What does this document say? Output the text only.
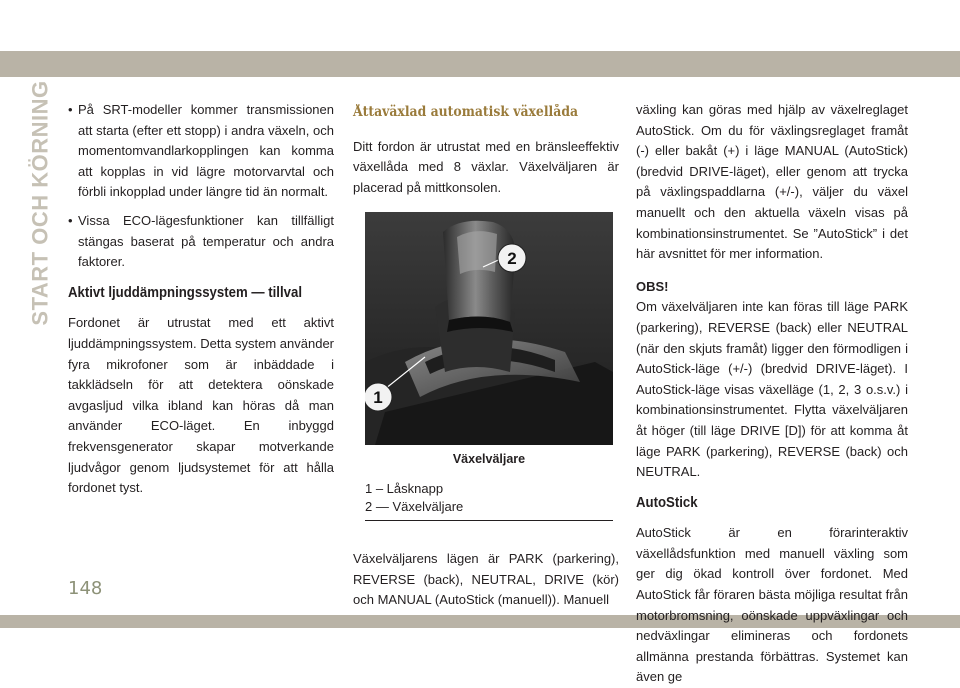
START OCH KÖRNING
•	På SRT-modeller kommer transmissionen att starta (efter ett stopp) i andra växeln, och momentomvandlarkopplingen kan komma att kopplas in vid lägre motorvarvtal och förbli inkopplad under längre tid än normalt.
• Vissa ECO-lägesfunktioner kan tillfälligt stängas baserat på temperatur och andra faktorer.
Aktivt ljuddämpningssystem — tillval

Fordonet är utrustat med ett aktivt ljuddämpningssystem. Detta system använder fyra mikrofoner som är inbäddade i takklädseln för att detektera oönskade avgasljud vilka ibland kan höras då man använder ECO-läget. En inbyggd frekvensgenerator skapar motverkande ljudvågor genom ljudsystemet för att hålla fordonet tyst.

Åttaväxlad automatisk växellåda

Ditt fordon är utrustat med en bränsleeffektiv växellåda med 8 växlar. Växelväljaren är placerad på mittkonsolen.

2
1
Växelväljare
1 – Låsknapp
2 — Växelväljare

Växelväljarens lägen är PARK (parkering), REVERSE (back), NEUTRAL, DRIVE (kör) och MANUAL (AutoStick (manuell)). Manuell

växling kan göras med hjälp av växelreglaget AutoStick. Om du för växlingsreglaget framåt (-) eller bakåt (+) i läge MANUAL (AutoStick) (bredvid DRIVE-läget), eller genom att trycka på växlingspaddlarna (+/-), väljer du växel manuellt och den aktuella växeln visas på kombinationsinstrumentet. Se ”AutoStick” i det här avsnittet för mer information.

OBS!

Om växelväljaren inte kan föras till läge PARK (parkering), REVERSE (back) eller NEUTRAL (när den skjuts framåt) ligger den förmodligen i AutoStick-läge (+/-) (bredvid DRIVE-läget). I AutoStick-läge visas växelläge (1, 2, 3 o.s.v.) i kombinationsinstrumentet. Flytta växelväljaren åt höger (till läge DRIVE [D]) för att komma åt läge PARK (parkering), REVERSE (back) och NEUTRAL.

AutoStick

AutoStick är en förarinteraktiv växellådsfunktion med manuell växling som ger dig ökad kontroll över fordonet. Med AutoStick får föraren bästa möjliga resultat från motorbromsning, oönskade uppväxlingar och nedväxlingar elimineras och fordonets allmänna prestanda förbättras. Systemet kan även ge

148
